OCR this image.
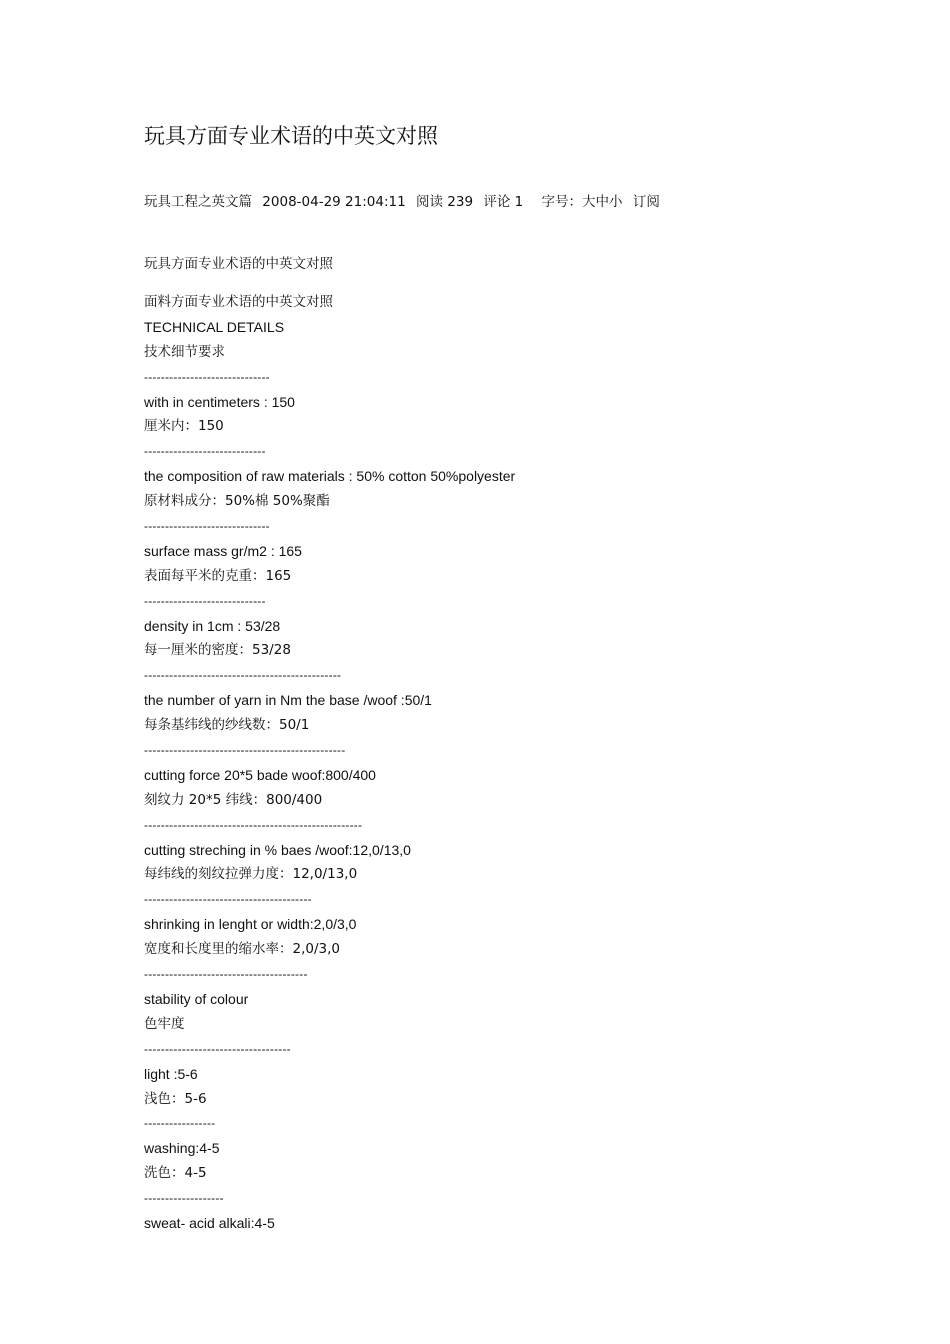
玩具方面专业术语的中英文对照
玩具工程之英文篇 2008-04-29 21:04:11 阅读 239 评论 1 字号：大中小 订阅
玩具方面专业术语的中英文对照
面料方面专业术语的中英文对照
TECHNICAL DETAILS
技术细节要求
------------------------------
with in centimeters : 150
厘米内：150
-----------------------------
the composition of raw materials : 50% cotton 50%polyester
原材料成分：50%棉 50%聚酯
------------------------------
surface mass gr/m2 : 165
表面每平米的克重：165
-----------------------------
density in 1cm : 53/28
每一厘米的密度：53/28
-----------------------------------------------
the number of yarn in Nm the base /woof :50/1
每条基纬线的纱线数：50/1
------------------------------------------------
cutting force 20*5 bade woof:800/400
刻纹力 20*5 纬线：800/400
----------------------------------------------------
cutting streching in % baes /woof:12,0/13,0
每纬线的刻纹拉弹力度：12,0/13,0
----------------------------------------
shrinking in lenght or width:2,0/3,0
宽度和长度里的缩水率：2,0/3,0
---------------------------------------
stability of colour
色牢度
-----------------------------------
light :5-6
浅色：5-6
-----------------
washing:4-5
洗色：4-5
-------------------
sweat- acid alkali:4-5
